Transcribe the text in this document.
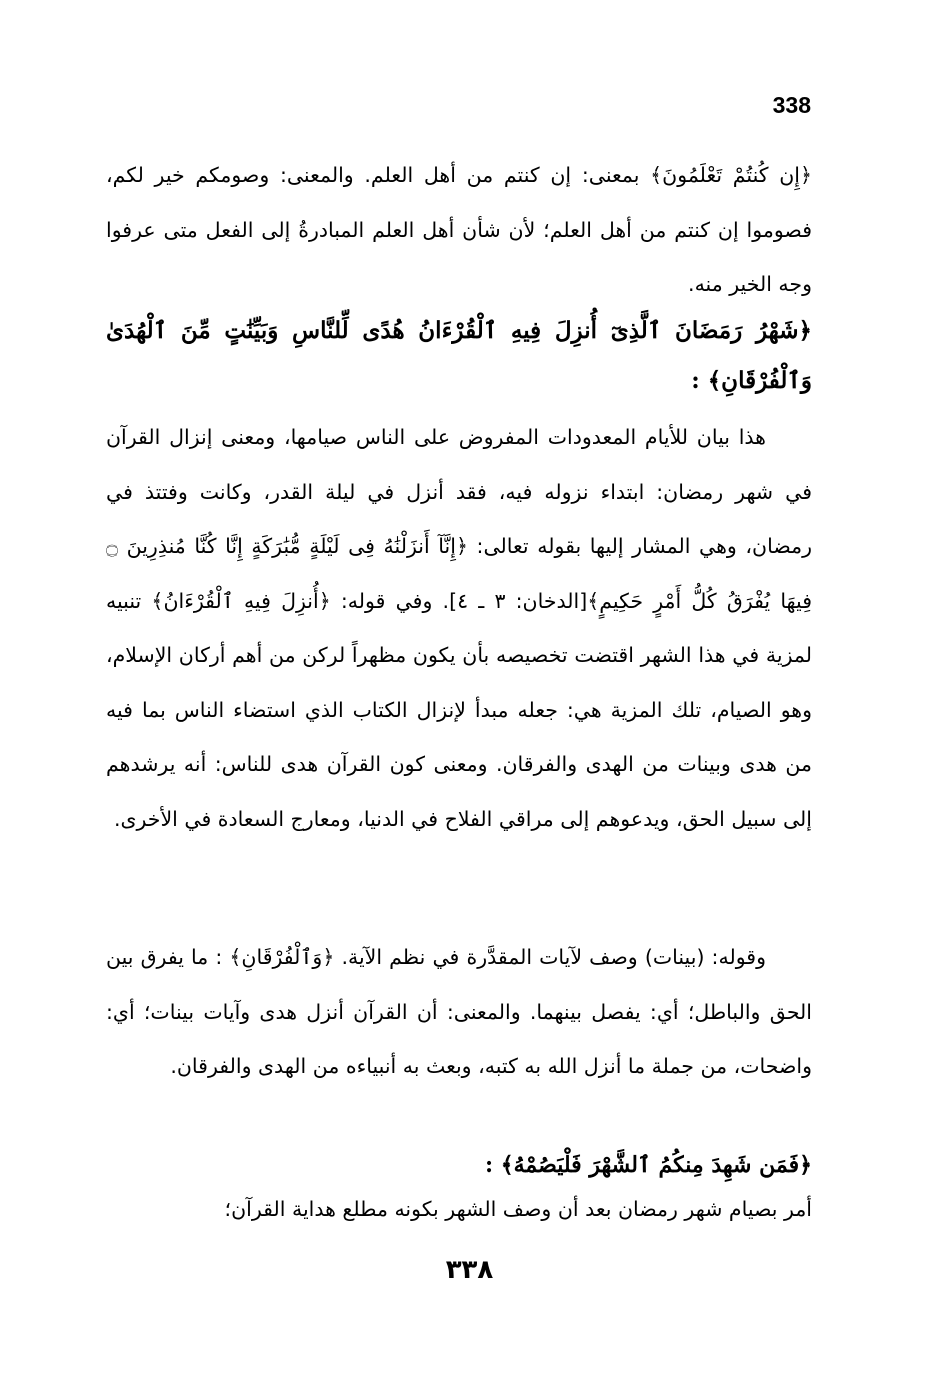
338

﴿إِن كُنتُمْ تَعْلَمُونَ﴾ بمعنى: إن كنتم من أهل العلم. والمعنى: وصومكم خير لكم، فصوموا إن كنتم من أهل العلم؛ لأن شأن أهل العلم المبادرةُ إلى الفعل متى عرفوا وجه الخير منه.

﴿شَهْرُ رَمَضَانَ ٱلَّذِىٓ أُنزِلَ فِيهِ ٱلْقُرْءَانُ هُدًى لِّلنَّاسِ وَبَيِّنَٰتٍ مِّنَ ٱلْهُدَىٰ وَٱلْفُرْقَانِ﴾ :

هذا بيان للأيام المعدودات المفروض على الناس صيامها، ومعنى إنزال القرآن في شهر رمضان: ابتداء نزوله فيه، فقد أنزل في ليلة القدر، وكانت وفتتذ في رمضان، وهي المشار إليها بقوله تعالى: ﴿إِنَّآ أَنزَلْنَٰهُ فِى لَيْلَةٍ مُّبَٰرَكَةٍ إِنَّا كُنَّا مُنذِرِينَ ۝ فِيهَا يُفْرَقُ كُلُّ أَمْرٍ حَكِيمٍ﴾[الدخان: ٣ ـ ٤]. وفي قوله: ﴿أُنزِلَ فِيهِ ٱلْقُرْءَانُ﴾ تنبيه لمزية في هذا الشهر اقتضت تخصيصه بأن يكون مظهراً لركن من أهم أركان الإسلام، وهو الصيام، تلك المزية هي: جعله مبدأ لإنزال الكتاب الذي استضاء الناس بما فيه من هدى وبينات من الهدى والفرقان. ومعنى كون القرآن هدى للناس: أنه يرشدهم إلى سبيل الحق، ويدعوهم إلى مراقي الفلاح في الدنيا، ومعارج السعادة في الأخرى.

وقوله: (بينات) وصف لآيات المقدَّرة في نظم الآية. ﴿وَٱلْفُرْقَانِ﴾ : ما يفرق بين الحق والباطل؛ أي: يفصل بينهما. والمعنى: أن القرآن أنزل هدى وآيات بينات؛ أي: واضحات، من جملة ما أنزل الله به كتبه، وبعث به أنبياءه من الهدى والفرقان.

﴿فَمَن شَهِدَ مِنكُمُ ٱلشَّهْرَ فَلْيَصُمْهُ﴾ :

أمر بصيام شهر رمضان بعد أن وصف الشهر بكونه مطلع هداية القرآن؛

٣٣٨
